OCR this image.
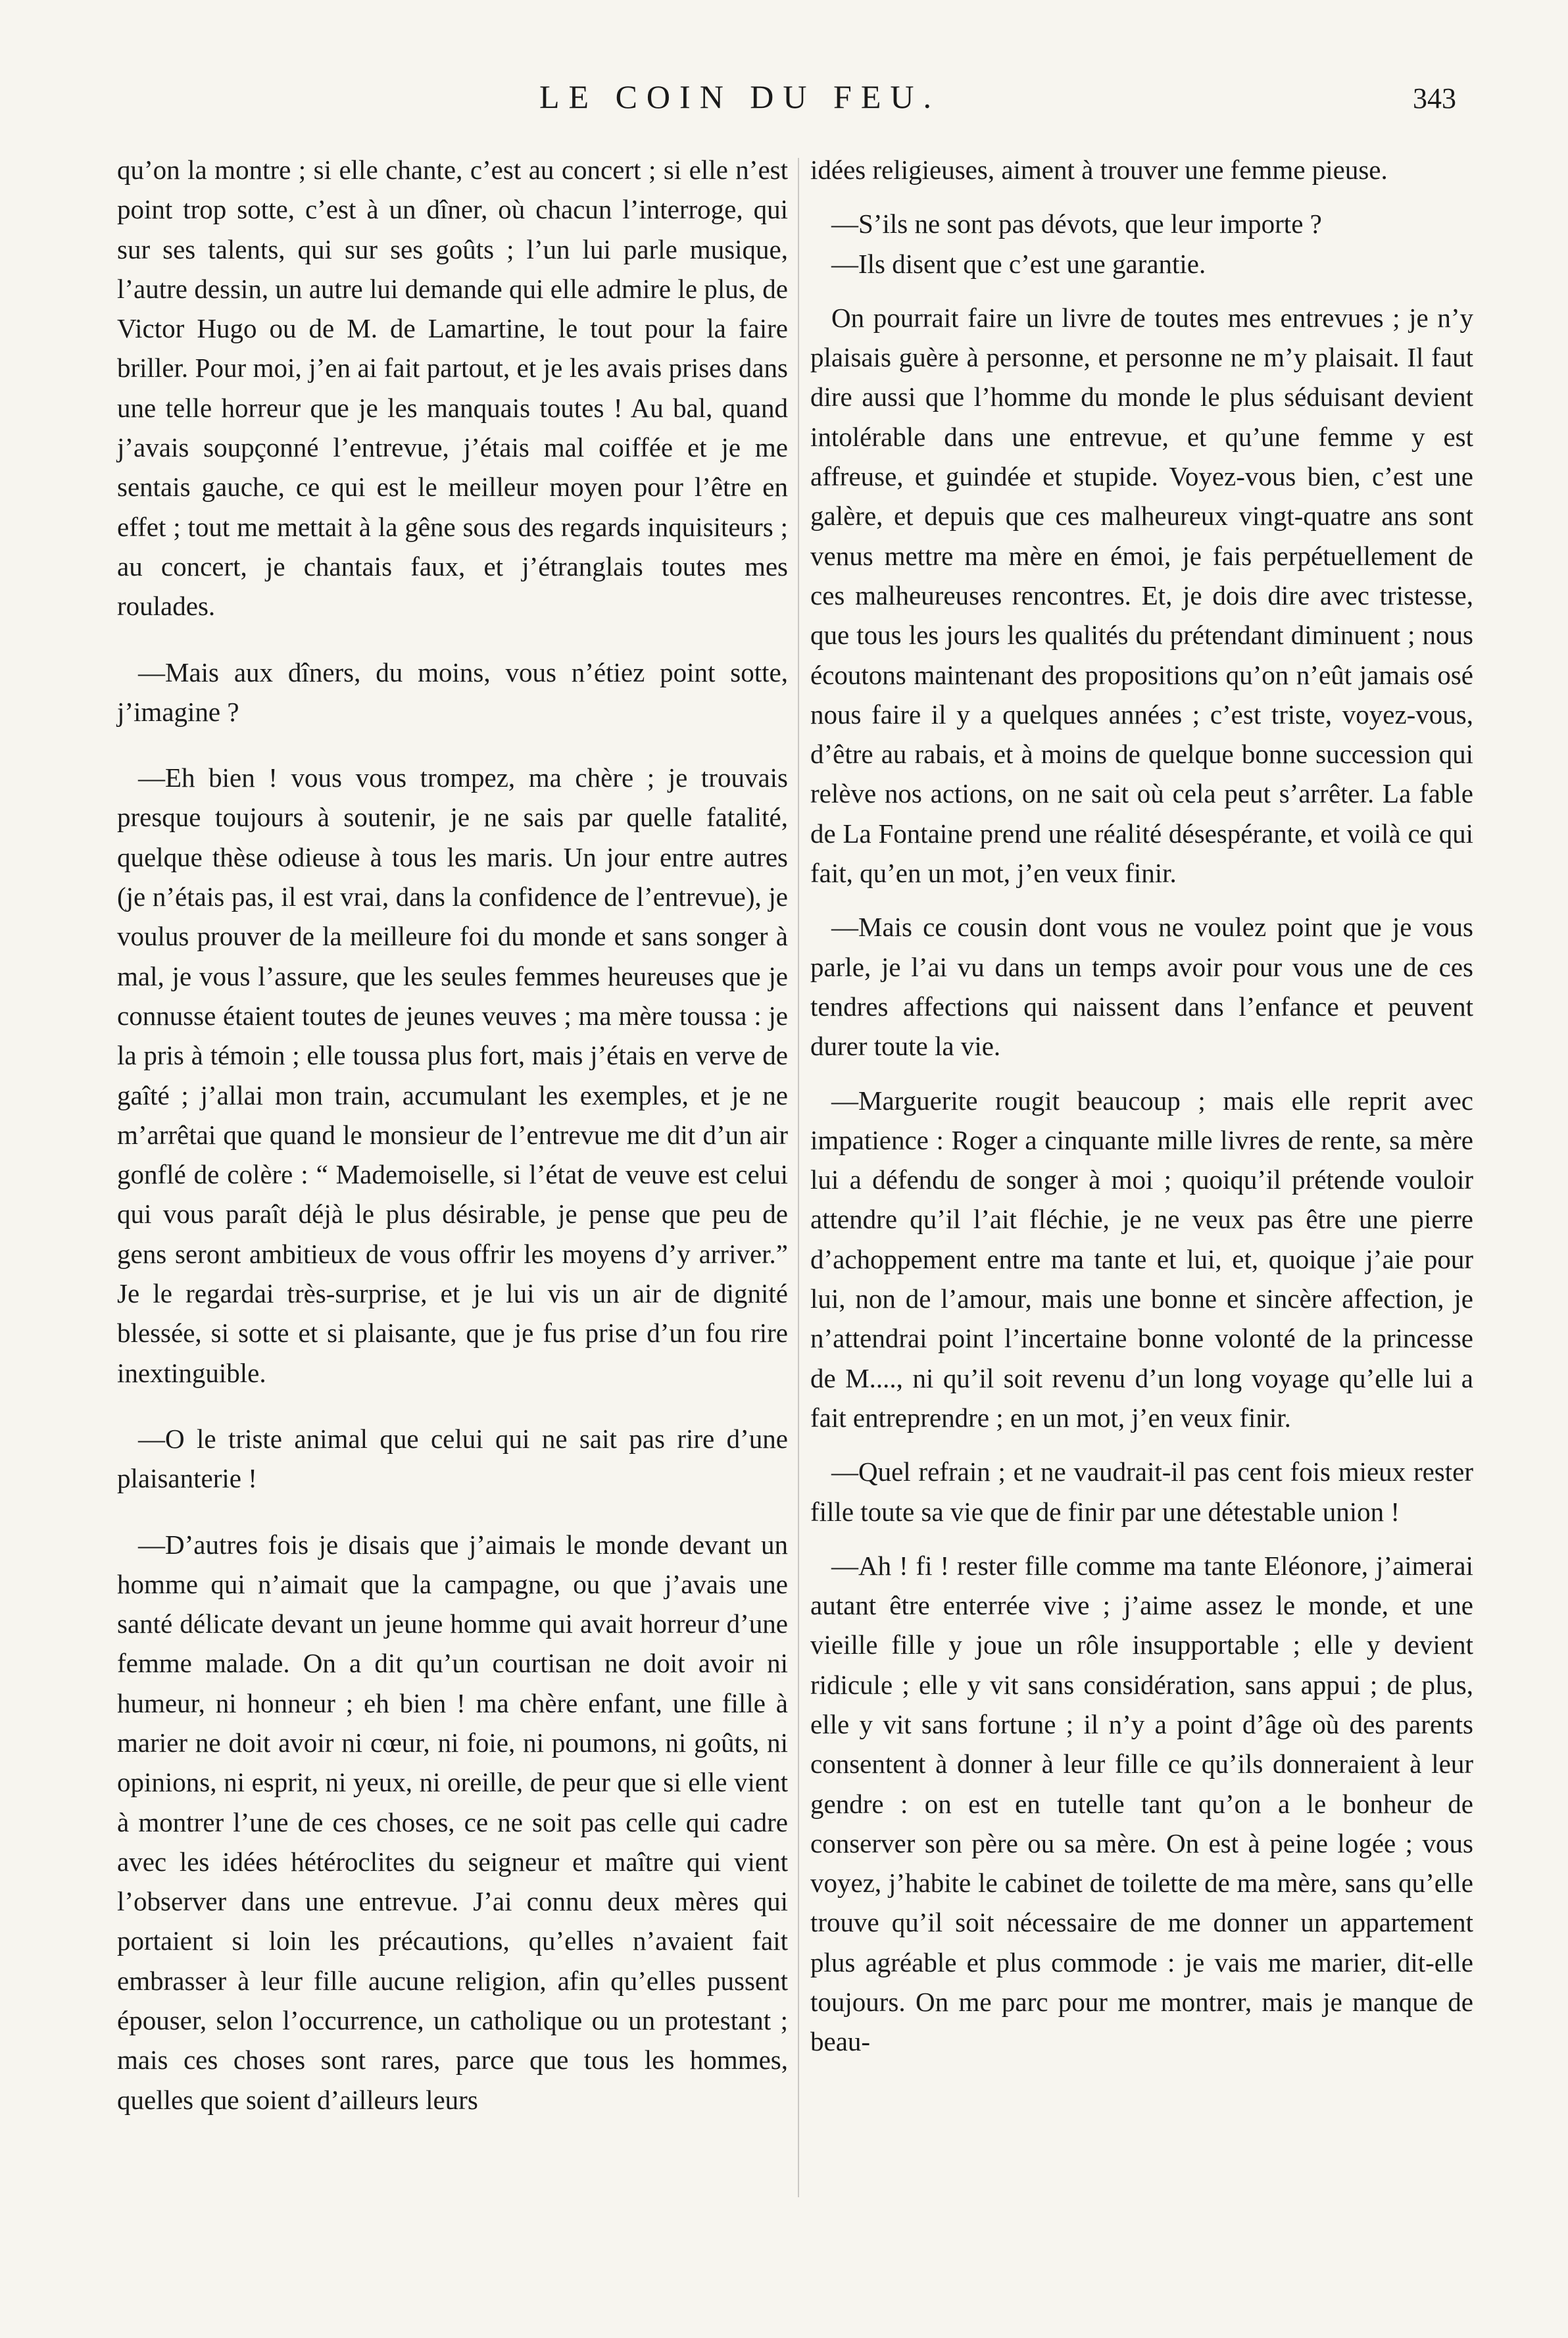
LE COIN DU FEU.	343

qu’on la montre ; si elle chante, c’est au concert ; si elle n’est point trop sotte, c’est à un dîner, où chacun l’interroge, qui sur ses talents, qui sur ses goûts ; l’un lui parle musique, l’autre dessin, un autre lui demande qui elle admire le plus, de Victor Hugo ou de M. de Lamartine, le tout pour la faire briller. Pour moi, j’en ai fait partout, et je les avais prises dans une telle horreur que je les manquais toutes ! Au bal, quand j’avais soupçonné l’entrevue, j’étais mal coiffée et je me sentais gauche, ce qui est le meilleur moyen pour l’être en effet ; tout me mettait à la gêne sous des regards inquisiteurs ; au concert, je chantais faux, et j’étranglais toutes mes roulades.

—Mais aux dîners, du moins, vous n’étiez point sotte, j’imagine ?

—Eh bien ! vous vous trompez, ma chère ; je trouvais presque toujours à soutenir, je ne sais par quelle fatalité, quelque thèse odieuse à tous les maris. Un jour entre autres (je n’étais pas, il est vrai, dans la confidence de l’entrevue), je voulus prouver de la meilleure foi du monde et sans songer à mal, je vous l’assure, que les seules femmes heureuses que je connusse étaient toutes de jeunes veuves ; ma mère toussa : je la pris à témoin ; elle toussa plus fort, mais j’étais en verve de gaîté ; j’allai mon train, accumulant les exemples, et je ne m’arrêtai que quand le monsieur de l’entrevue me dit d’un air gonflé de colère : “ Mademoiselle, si l’état de veuve est celui qui vous paraît déjà le plus désirable, je pense que peu de gens seront ambitieux de vous offrir les moyens d’y arriver.” Je le regardai très-surprise, et je lui vis un air de dignité blessée, si sotte et si plaisante, que je fus prise d’un fou rire inextinguible.

—O le triste animal que celui qui ne sait pas rire d’une plaisanterie !

—D’autres fois je disais que j’aimais le monde devant un homme qui n’aimait que la campagne, ou que j’avais une santé délicate devant un jeune homme qui avait horreur d’une femme malade. On a dit qu’un courtisan ne doit avoir ni humeur, ni honneur ; eh bien ! ma chère enfant, une fille à marier ne doit avoir ni cœur, ni foie, ni poumons, ni goûts, ni opinions, ni esprit, ni yeux, ni oreille, de peur que si elle vient à montrer l’une de ces choses, ce ne soit pas celle qui cadre avec les idées hétéroclites du seigneur et maître qui vient l’observer dans une entrevue. J’ai connu deux mères qui portaient si loin les précautions, qu’elles n’avaient fait embrasser à leur fille aucune religion, afin qu’elles pussent épouser, selon l’occurrence, un catholique ou un protestant ; mais ces choses sont rares, parce que tous les hommes, quelles que soient d’ailleurs leurs

idées religieuses, aiment à trouver une femme pieuse.

—S’ils ne sont pas dévots, que leur importe ?

—Ils disent que c’est une garantie.

On pourrait faire un livre de toutes mes entrevues ; je n’y plaisais guère à personne, et personne ne m’y plaisait. Il faut dire aussi que l’homme du monde le plus séduisant devient intolérable dans une entrevue, et qu’une femme y est affreuse, et guindée et stupide. Voyez-vous bien, c’est une galère, et depuis que ces malheureux vingt-quatre ans sont venus mettre ma mère en émoi, je fais perpétuellement de ces malheureuses rencontres. Et, je dois dire avec tristesse, que tous les jours les qualités du prétendant diminuent ; nous écoutons maintenant des propositions qu’on n’eût jamais osé nous faire il y a quelques années ; c’est triste, voyez-vous, d’être au rabais, et à moins de quelque bonne succession qui relève nos actions, on ne sait où cela peut s’arrêter. La fable de La Fontaine prend une réalité désespérante, et voilà ce qui fait, qu’en un mot, j’en veux finir.

—Mais ce cousin dont vous ne voulez point que je vous parle, je l’ai vu dans un temps avoir pour vous une de ces tendres affections qui naissent dans l’enfance et peuvent durer toute la vie.

—Marguerite rougit beaucoup ; mais elle reprit avec impatience : Roger a cinquante mille livres de rente, sa mère lui a défendu de songer à moi ; quoiqu’il prétende vouloir attendre qu’il l’ait fléchie, je ne veux pas être une pierre d’achoppement entre ma tante et lui, et, quoique j’aie pour lui, non de l’amour, mais une bonne et sincère affection, je n’attendrai point l’incertaine bonne volonté de la princesse de M...., ni qu’il soit revenu d’un long voyage qu’elle lui a fait entreprendre ; en un mot, j’en veux finir.

—Quel refrain ; et ne vaudrait-il pas cent fois mieux rester fille toute sa vie que de finir par une détestable union !

—Ah ! fi ! rester fille comme ma tante Eléonore, j’aimerai autant être enterrée vive ; j’aime assez le monde, et une vieille fille y joue un rôle insupportable ; elle y devient ridicule ; elle y vit sans considération, sans appui ; de plus, elle y vit sans fortune ; il n’y a point d’âge où des parents consentent à donner à leur fille ce qu’ils donneraient à leur gendre : on est en tutelle tant qu’on a le bonheur de conserver son père ou sa mère. On est à peine logée ; vous voyez, j’habite le cabinet de toilette de ma mère, sans qu’elle trouve qu’il soit nécessaire de me donner un appartement plus agréable et plus commode : je vais me marier, dit-elle toujours. On me parc pour me montrer, mais je manque de beau-
